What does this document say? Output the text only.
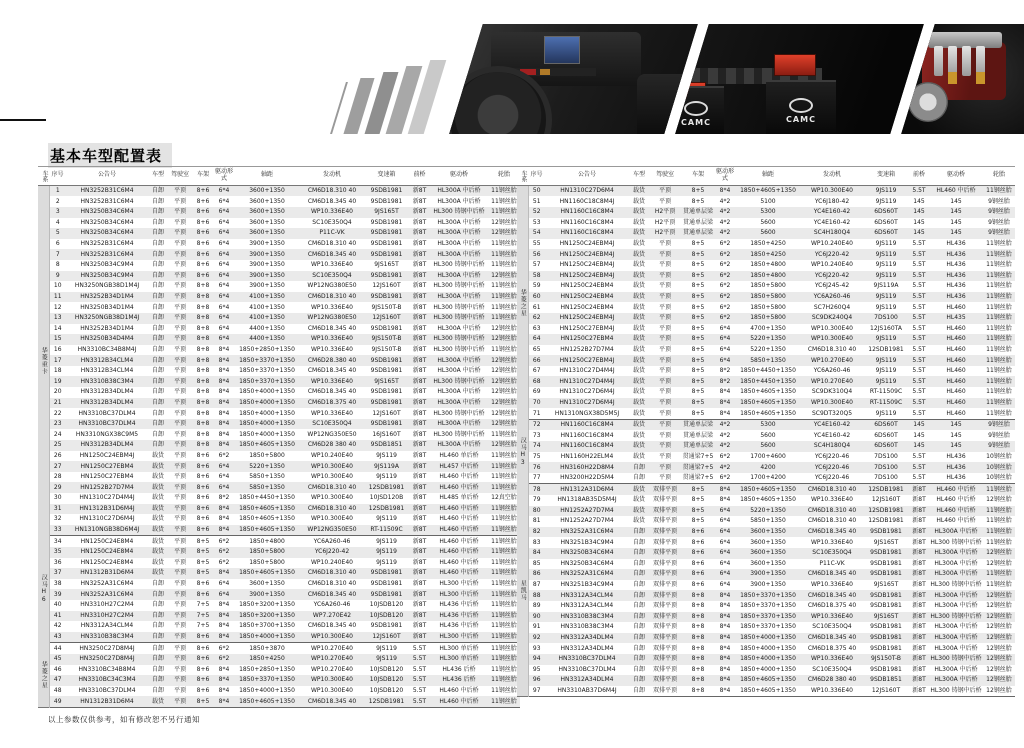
CAMC	CAMC
基本车型配置表
车系	序号	公告号	车型	驾驶室	车架	驱动形式	轴距	发动机	变速箱	前桥	驱动桥	轮胎
华菱重卡	1	HN3252B31C6M4	自卸	平顶	8+6	6*4	3600+1350	CM6D18.310 40	9SDB1981	新8T	HL300A 中后桥	11钢丝胎
	2	HN3252B31C6M4	自卸	平顶	8+6	6*4	3600+1350	CM6D18.345 40	9SDB1981	新8T	HL300A 中后桥	11钢丝胎
	3	HN3250B34C6M4	自卸	平顶	8+6	6*4	3600+1350	WP10.336E40	9JS165T	新8T	HL300 铸钢中后桥	11钢丝胎
	4	HN3250B34C6M4	自卸	平顶	8+6	6*4	3600+1350	SC10E350Q4	9SDB1981	新8T	HL300A 中后桥	12钢丝胎
	5	HN3250B34C6M4	自卸	平顶	8+6	6*4	3600+1350	P11C-VK	9SDB1981	新8T	HL300A 中后桥	12钢丝胎
	6	HN3252B31C6M4	自卸	平顶	8+6	6*4	3900+1350	CM6D18.310 40	9SDB1981	新8T	HL300A 中后桥	11钢丝胎
	7	HN3252B31C6M4	自卸	平顶	8+6	6*4	3900+1350	CM6D18.345 40	9SDB1981	新8T	HL300A 中后桥	11钢丝胎
	8	HN3250B34C9M4	自卸	平顶	8+6	6*4	3900+1350	WP10.336E40	9JS165T	新8T	HL300 铸钢中后桥	11钢丝胎
	9	HN3250B34C9M4	自卸	平顶	8+6	6*4	3900+1350	SC10E350Q4	9SDB1981	新8T	HL300A 中后桥	12钢丝胎
	10	HN3250NGB38D1M4J	自卸	平顶	8+8	6*4	3900+1350	WP12NG380E50	12JS160T	新8T	HL300 铸钢中后桥	11钢丝胎
	11	HN3252B34D1M4	自卸	平顶	8+8	6*4	4100+1350	CM6D18.310 40	9SDB1981	新8T	HL300A 中后桥	11钢丝胎
	12	HN3250B34D1M4	自卸	平顶	8+8	6*4	4100+1350	WP10.336E40	9JS150T-B	新8T	HL300 铸钢中后桥	11钢丝胎
	13	HN3250NGB38D1M4J	自卸	平顶	8+8	6*4	4100+1350	WP12NG380E50	12JS160T	新8T	HL300 铸钢中后桥	11钢丝胎
	14	HN3252B34D1M4	自卸	平顶	8+8	6*4	4400+1350	CM6D18.345 40	9SDB1981	新8T	HL300A 中后桥	12钢丝胎
	15	HN3250B34D4M4	自卸	平顶	8+8	6*4	4400+1350	WP10.336E40	9JS150T-B	新8T	HL300 铸钢中后桥	12钢丝胎
	16	HN3310BC34B8M4J	自卸	平顶	8+8	8*4	1850+2850+1350	WP10.336E40	9JS150T-B	新8T	HL300 铸钢中后桥	11钢丝胎
	17	HN3312B34CLM4	自卸	平顶	8+8	8*4	1850+3370+1350	CM6D28.380 40	9SDB1981	新8T	HL300A 中后桥	12钢丝胎
	18	HN3312B34CLM4	自卸	平顶	8+8	8*4	1850+3370+1350	CM6D18.345 40	9SDB1981	新8T	HL300A 中后桥	12钢丝胎
	19	HN3310B38C3M4	自卸	平顶	8+8	8*4	1850+3370+1350	WP10.336E40	9JS165T	新8T	HL300 铸钢中后桥	12钢丝胎
	20	HN3312B34DLM4	自卸	平顶	8+8	8*4	1850+4000+1350	CM6D18.345 40	9SDB1981	新8T	HL300A 中后桥	12钢丝胎
	21	HN3312B34DLM4	自卸	平顶	8+8	8*4	1850+4000+1350	CM6D18.375 40	9SDB1981	新8T	HL300A 中后桥	12钢丝胎
	22	HN3310BC37DLM4	自卸	平顶	8+8	8*4	1850+4000+1350	WP10.336E40	12JS160T	新8T	HL300 铸钢中后桥	12钢丝胎
	23	HN3310BC37DLM4	自卸	平顶	8+8	8*4	1850+4000+1350	SC10E350Q4	9SDB1981	新8T	HL300A 中后桥	12钢丝胎
	24	HN3310NGX38C9M5	自卸	平顶	8+8	8*4	1850+4000+1350	WP12NG350E50	16JS160T	新8T	HL300 铸钢中后桥	11钢丝胎
	25	HN3312B34DLM4	自卸	平顶	8+8	8*4	1850+4605+1350	CM6D28 380 40	9SDB1851	新8T	HL300A 中后桥	12钢丝胎
	26	HN1250C24EBM4J	载货	平顶	8+6	6*2	1850+5800	WP10.240E40	9JS119	新8T	HL460 单后桥	11钢丝胎
	27	HN1250C27EBM4	载货	平顶	8+6	6*4	5220+1350	WP10.300E40	9JS119A	新8T	HL457 中后桥	11钢丝胎
	28	HN1250C27EBM4	载货	平顶	8+6	6*4	5850+1350	WP10.300E40	9JS119	新8T	HL460 中后桥	11钢丝胎
	29	HN1252B27D7M4	载货	平顶	8+6	6*4	5850+1350	CM6D18.310 40	12SDB1981	新8T	HL460 中后桥	11钢丝胎
	30	HN1310C27D4M4J	载货	平顶	8+6	8*2	1850+4450+1350	WP10.300E40	10JSD120B	新8T	HL485 单后桥	12真空胎
	31	HN1312B31D6M4J	载货	平顶	8+6	8*4	1850+4605+1350	CM6D18.310 40	12SDB1981	新8T	HL460 中后桥	11钢丝胎
	32	HN1310C27D6M4J	载货	平顶	8+6	8*4	1850+4605+1350	WP10.300E40	9JS119	新8T	HL460 中后桥	11钢丝胎
	33	HN1310NGB38D6M4J	载货	平顶	8+6	8*4	1850+4605+1350	WP12NG350E50	RT-11509C	新8T	HL460 中后桥	11钢丝胎
汉马H6	34	HN1250C24E8M4	载货	平顶	8+5	6*2	1850+4800	YC6A260-46	9JS119	新8T	HL460 中后桥	11钢丝胎
	35	HN1250C24E8M4	载货	平顶	8+5	6*2	1850+5800	YC6J220-42	9JS119	新8T	HL460 中后桥	11钢丝胎
	36	HN1250C24E8M4	载货	平顶	8+5	6*2	1850+5800	WP10.240E40	9JS119	新8T	HL460 中后桥	11钢丝胎
	37	HN1312B31D6M4	载货	平顶	8+5	8*4	1850+4605+1350	CM6D18.310 40	9SDB1981	新8T	HL460 中后桥	11钢丝胎
	38	HN3252A31C6M4	自卸	平顶	8+6	6*4	3600+1350	CM6D18.310 40	9SDB1981	新8T	HL300 中后桥	11钢丝胎
	39	HN3252A31C6M4	自卸	平顶	8+6	6*4	3900+1350	CM6D18.345 40	9SDB1981	新8T	HL300 中后桥	11钢丝胎
	40	HN3310H27C2M4	自卸	平顶	7+5	8*4	1850+3200+1350	YC6A260-46	10JSDB120	新8T	HL436 中后桥	11钢丝胎
	41	HN3310H27C2M4	自卸	平顶	7+5	8*4	1850+3200+1350	WP7.270E42	10JSDB120	新8T	HL436 中后桥	11钢丝胎
	42	HN3312A34CLM4	自卸	平顶	7+5	8*4	1850+3700+1350	CM6D18.345 40	9SDB1981	新8T	HL436 中后桥	11钢丝胎
	43	HN3310B38C3M4	自卸	平顶	8+6	8*4	1850+4000+1350	WP10.300E40	12JS160T	新8T	HL300 中后桥	11钢丝胎
华菱之星	44	HN3250C27D8M4J	自卸	平顶	8+6	6*2	1850+3870	WP10.270E40	9JS119	5.5T	HL300 单后桥	11钢丝胎
	45	HN3250C27D8M4J	自卸	平顶	8+6	6*2	1850+4250	WP10.270E40	9JS119	5.5T	HL300 单后桥	11钢丝胎
	46	HN3310BC34B8M4	自卸	平顶	8+6	8*4	1850+2850+1350	WP10.270E40	10JSDB120	5.5T	HL436 后桥	11钢丝胎
	47	HN3310BC34C3M4	自卸	平顶	8+6	8*4	1850+3370+1350	WP10.300E40	10JSDB120	5.5T	HL436 后桥	11钢丝胎
	48	HN3310BC37DLM4	自卸	平顶	8+6	8*4	1850+4000+1350	WP10.300E40	10JSDB120	5.5T	HL460 中后桥	11钢丝胎
	49	HN1312B31D6M4	载货	平顶	8+5	8*4	1850+4605+1350	CM6D18.345 40	12SDB1981	5.5T	HL460 中后桥	11钢丝胎
车系	序号	公告号	车型	驾驶室	车架	驱动形式	轴距	发动机	变速箱	前桥	驱动桥	轮胎
华菱之星	50	HN1310C27D6M4	载货	平顶	8+5	8*4	1850+4605+1350	WP10.300E40	9JS119	5.5T	HL460 中后桥	11钢丝胎
	51	HN1160C18C8M4J	载货	平顶	8+5	4*2	5100	YC6J180-42	9JS119	145	145	9钢丝胎
	52	HN1160C16C8M4	载货	H2平顶	贯通单层梁	4*2	5300	YC4E160-42	6DS60T	145	145	9钢丝胎
	53	HN1160C16C8M4	载货	H2平顶	贯通单层梁	4*2	5600	YC4E160-42	6DS60T	145	145	9钢丝胎
	54	HN1160C16C8M4	载货	H2平顶	贯通单层梁	4*2	5600	SC4H180Q4	6DS60T	145	145	9钢丝胎
	55	HN1250C24EBM4J	载货	平顶	8+5	6*2	1850+4250	WP10.240E40	9JS119	5.5T	HL436	11钢丝胎
	56	HN1250C24EBM4J	载货	平顶	8+5	6*2	1850+4250	YC6J220-42	9JS119	5.5T	HL436	11钢丝胎
	57	HN1250C24EBM4J	载货	平顶	8+5	6*2	1850+4800	WP10.240E40	9JS119	5.5T	HL436	11钢丝胎
	58	HN1250C24EBM4J	载货	平顶	8+5	6*2	1850+4800	YC6J220-42	9JS119	5.5T	HL436	11钢丝胎
	59	HN1250C24EBM4	载货	平顶	8+5	6*2	1850+5800	YC6J245-42	9JS119A	5.5T	HL436	11钢丝胎
	60	HN1250C24EBM4	载货	平顶	8+5	6*2	1850+5800	YC6A260-46	9JS119	5.5T	HL436	11钢丝胎
	61	HN1250C24EBM4	载货	平顶	8+5	6*2	1850+5800	SC7H260Q4	9JS119	5.5T	HL460	11钢丝胎
	62	HN1250C24EBM4J	载货	平顶	8+5	6*2	1850+5800	SC9DK240Q4	7DS100	5.5T	HL435	11钢丝胎
	63	HN1250C27EBM4J	载货	平顶	8+5	6*4	4700+1350	WP10.300E40	12JS160TA	5.5T	HL460	11钢丝胎
	64	HN1250C27EBM4	载货	平顶	8+5	6*4	5220+1350	WP10.300E40	9JS119	5.5T	HL460	11钢丝胎
	65	HN1252B27D7M4	载货	平顶	8+5	6*4	5220+1350	CM6D18.310 40	12SDB1981	5.5T	HL460	11钢丝胎
	66	HN1250C27EBM4J	载货	平顶	8+5	6*4	5850+1350	WP10.270E40	9JS119	5.5T	HL460	11钢丝胎
	67	HN1310C27D4M4J	载货	平顶	8+5	8*2	1850+4450+1350	YC6A260-46	9JS119	5.5T	HL460	11钢丝胎
	68	HN1310C27D4M4J	载货	平顶	8+5	8*2	1850+4450+1350	WP10.270E40	9JS119	5.5T	HL460	11钢丝胎
	69	HN1310C27D6M4J	载货	平顶	8+5	8*4	1850+4605+1350	SC9DK310Q4	RT-11509C	5.5T	HL460	11钢丝胎
	70	HN1310C27D6M4J	载货	平顶	8+5	8*4	1850+4605+1350	WP10.300E40	RT-11509C	5.5T	HL460	11钢丝胎
	71	HN1310NGX38D5M5J	载货	平顶	8+5	8*4	1850+4605+1350	SC9DT320Q5	9JS119	5.5T	HL460	11钢丝胎
汉马H3	72	HN1160C16C8M4	载货	平顶	贯通单层梁	4*2	5300	YC4E160-42	6DS60T	145	145	9钢丝胎
	73	HN1160C16C8M4	载货	平顶	贯通单层梁	4*2	5600	YC4E160-42	6DS60T	145	145	9钢丝胎
	74	HN1160C16C8M4	载货	平顶	贯通单层梁	4*2	5600	SC4H180Q4	6DS60T	145	145	9钢丝胎
	75	HN1160H22ELM4	载货	平顶	贯通梁7+5	6*2	1700+4600	YC6J220-46	7DS100	5.5T	HL436	10钢丝胎
	76	HN3160H22D8M4	自卸	平顶	贯通梁7+5	4*2	4200	YC6J220-46	7DS100	5.5T	HL436	10钢丝胎
	77	HN3200H22D5M4	自卸	平顶	贯通梁7+5	6*2	1700+4200	YC6J220-46	7DS100	5.5T	HL436	10钢丝胎
星凯马	78	HN1312A31D6M4	载货	双排平顶	8+5	8*4	1850+4605+1350	CM6D18.310 40	12SDB1981	新8T	HL460 中后桥	11钢丝胎
	79	HN1318AB35D5M4J	载货	双排平顶	8+5	8*4	1850+4605+1350	WP10.336E40	12JS160T	新8T	HL460 中后桥	12钢丝胎
	80	HN1252A27D7M4	载货	双排平顶	8+5	6*4	5220+1350	CM6D18.310 40	12SDB1981	新8T	HL460 中后桥	11钢丝胎
	81	HN1252A27D7M4	载货	双排平顶	8+5	6*4	5850+1350	CM6D18.310 40	12SDB1981	新8T	HL460 中后桥	11钢丝胎
	82	HN3252A31C6M4	自卸	双排平顶	8+6	6*4	3600+1350	CM6D18.345 40	9SDB1981	新8T	HL300A 中后桥	11钢丝胎
	83	HN3251B34C9M4	自卸	双排平顶	8+6	6*4	3600+1350	WP10.336E40	9JS165T	新8T	HL300 铸钢中后桥	11钢丝胎
	84	HN3250B34C6M4	自卸	双排平顶	8+6	6*4	3600+1350	SC10E350Q4	9SDB1981	新8T	HL300A 中后桥	12钢丝胎
	85	HN3250B34C6M4	自卸	双排平顶	8+6	6*4	3600+1350	P11C-VK	9SDB1981	新8T	HL300A 中后桥	12钢丝胎
	86	HN3252A31C6M4	自卸	双排平顶	8+6	6*4	3900+1350	CM6D18.345 40	9SDB1981	新8T	HL300A 中后桥	11钢丝胎
	87	HN3251B34C9M4	自卸	双排平顶	8+6	6*4	3900+1350	WP10.336E40	9JS165T	新8T	HL300 铸钢中后桥	11钢丝胎
	88	HN3312A34CLM4	自卸	双排平顶	8+8	8*4	1850+3370+1350	CM6D18.345 40	9SDB1981	新8T	HL300A 中后桥	12钢丝胎
	89	HN3312A34CLM4	自卸	双排平顶	8+8	8*4	1850+3370+1350	CM6D18.375 40	9SDB1981	新8T	HL300A 中后桥	12钢丝胎
	90	HN3310B38C3M4	自卸	双排平顶	8+8	8*4	1850+3370+1350	WP10.336E40	9JS165T	新8T	HL300 铸钢中后桥	12钢丝胎
	91	HN3310B38C3M4	自卸	双排平顶	8+8	8*4	1850+3370+1350	SC10E350Q4	9SDB1981	新8T	HL300A 中后桥	12钢丝胎
	92	HN3312A34DLM4	自卸	双排平顶	8+8	8*4	1850+4000+1350	CM6D18.345 40	9SDB1981	新8T	HL300A 中后桥	12钢丝胎
	93	HN3312A34DLM4	自卸	双排平顶	8+8	8*4	1850+4000+1350	CM6D18.375 40	9SDB1981	新8T	HL300A 中后桥	12钢丝胎
	94	HN3310BC37DLM4	自卸	双排平顶	8+8	8*4	1850+4000+1350	WP10.336E40	9JS150T-B	新8T	HL300 铸钢中后桥	12钢丝胎
	95	HN3310BC37DLM4	自卸	双排平顶	8+8	8*4	1850+4000+1350	SC10E350Q4	9SDB1981	新8T	HL300A 中后桥	12钢丝胎
	96	HN3312A34DLM4	自卸	双排平顶	8+8	8*4	1850+4605+1350	CM6D28 380 40	9SDB1851	新8T	HL300A 中后桥	12钢丝胎
	97	HN3310AB37D6M4J	自卸	双排平顶	8+8	8*4	1850+4605+1350	WP10.336E40	12JS160T	新8T	HL300 铸钢中后桥	12钢丝胎
以上参数仅供参考，如有修改恕不另行通知
